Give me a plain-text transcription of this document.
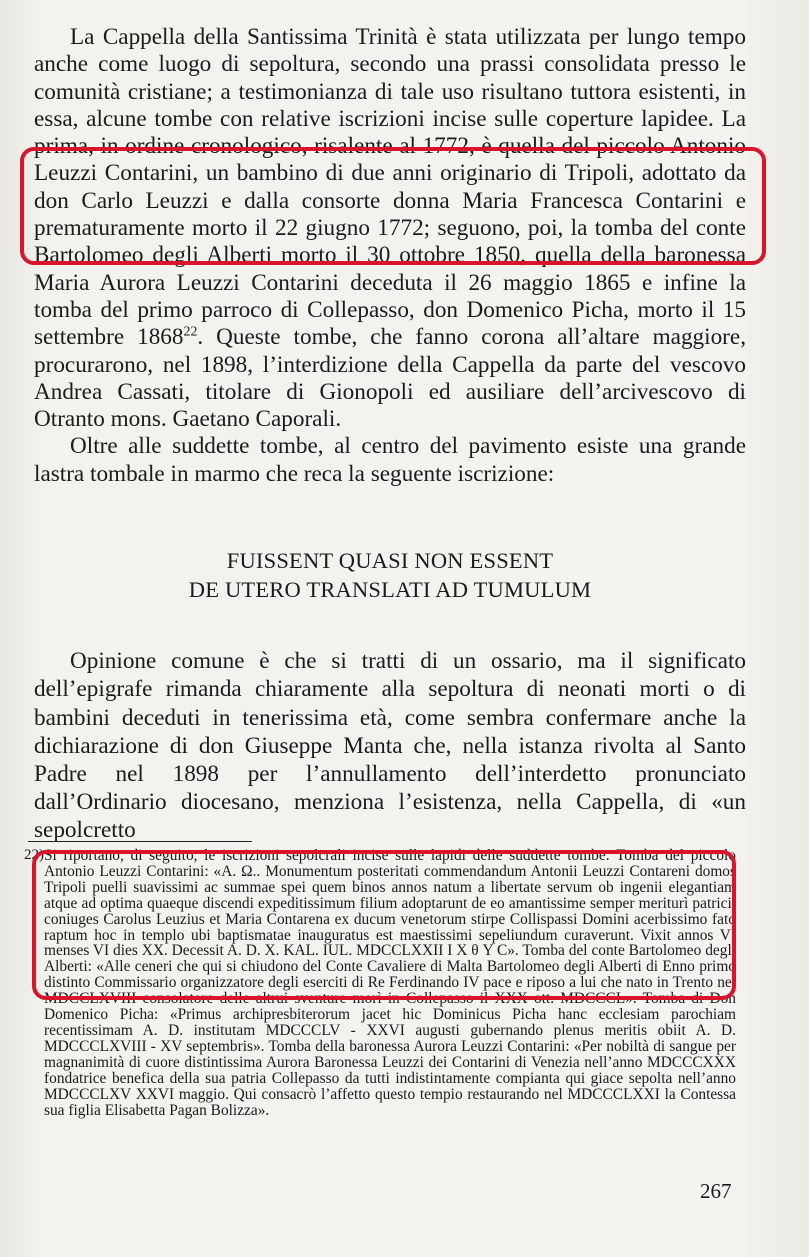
La Cappella della Santissima Trinità è stata utilizzata per lungo tempo anche come luogo di sepoltura, secondo una prassi consolidata presso le comunità cristiane; a testimonianza di tale uso risultano tuttora esistenti, in essa, alcune tombe con relative iscrizioni incise sulle coperture lapidee. La prima, in ordine cronologico, risalente al 1772, è quella del piccolo Antonio Leuzzi Contarini, un bambino di due anni originario di Tripoli, adottato da don Carlo Leuzzi e dalla consorte donna Maria Francesca Contarini e prematuramente morto il 22 giugno 1772; seguono, poi, la tomba del conte Bartolomeo degli Alberti morto il 30 ottobre 1850, quella della baronessa Maria Aurora Leuzzi Contarini deceduta il 26 maggio 1865 e infine la tomba del primo parroco di Collepasso, don Domenico Picha, morto il 15 settembre 1868$^{22}$. Queste tombe, che fanno corona all’altare maggiore, procurarono, nel 1898, l’interdizione della Cappella da parte del vescovo Andrea Cassati, titolare di Gionopoli ed ausiliare dell’arcivescovo di Otranto mons. Gaetano Caporali.

Oltre alle suddette tombe, al centro del pavimento esiste una grande lastra tombale in marmo che reca la seguente iscrizione:

FUISSENT QUASI NON ESSENT
DE UTERO TRANSLATI AD TUMULUM

Opinione comune è che si tratti di un ossario, ma il significato dell’epigrafe rimanda chiaramente alla sepoltura di neonati morti o di bambini deceduti in tenerissima età, come sembra confermare anche la dichiarazione di don Giuseppe Manta che, nella istanza rivolta al Santo Padre nel 1898 per l’annullamento dell’interdetto pronunciato dall’Ordinario diocesano, menziona l’esistenza, nella Cappella, di «un sepolcretto

22) Si riportano, di seguito, le iscrizioni sepolcrali incise sulle lapidi delle suddette tombe. Tomba del piccolo Antonio Leuzzi Contarini: «A. Ω.. Monumentum posteritati commendandum Antonii Leuzzi Contareni domos Tripoli puelli suavissimi ac summae spei quem binos annos natum a libertate servum ob ingenii elegantiam atque ad optima quaeque discendi expeditissimum filium adoptarunt de eo amantissime semper meriturì patricii coniuges Carolus Leuzius et Maria Contarena ex ducum venetorum stirpe Collispassi Domini acerbissimo fato raptum hoc in templo ubi baptismatae inauguratus est maestissimi sepeliundum curaverunt. Vixit annos VI menses VI dies XX. Decessit A. D. X. KAL. IUL. MDCCLXXII I X θ Y C». Tomba del conte Bartolomeo degli Alberti: «Alle ceneri che qui si chiudono del Conte Cavaliere di Malta Bartolomeo degli Alberti di Enno primo distinto Commissario organizzatore degli eserciti di Re Ferdinando IV pace e riposo a lui che nato in Trento nel MDCCLXVIII consolatore delle altrui sventure morì in Collepasso il XXX ott. MDCCCL». Tomba di Don Domenico Picha: «Primus archipresbiterorum jacet hic Dominicus Picha hanc ecclesiam parochiam recentissimam A. D. institutam MDCCCLV - XXVI augusti gubernando plenus meritis obiit A. D. MDCCCLXVIII - XV septembris». Tomba della baronessa Aurora Leuzzi Contarini: «Per nobiltà di sangue per magnanimità di cuore distintissima Aurora Baronessa Leuzzi dei Contarini di Venezia nell’anno MDCCCXXX fondatrice benefica della sua patria Collepasso da tutti indistintamente compianta qui giace sepolta nell’anno MDCCCLXV XXVI maggio. Qui consacrò l’affetto questo tempio restaurando nel MDCCCLXXI la Contessa sua figlia Elisabetta Pagan Bolizza».
267
